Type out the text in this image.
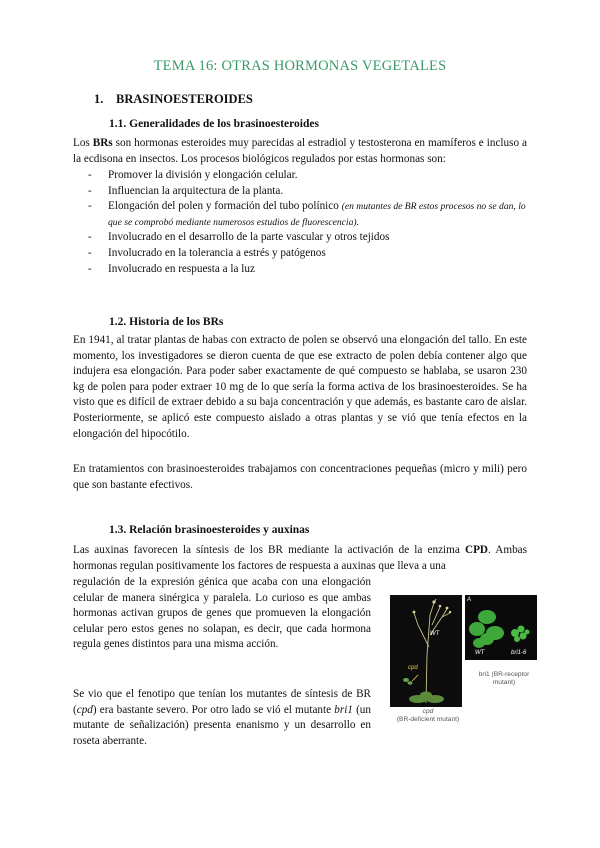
TEMA 16: OTRAS HORMONAS VEGETALES
1. BRASINOESTEROIDES
1.1. Generalidades de los brasinoesteroides

Los BRs son hormonas esteroides muy parecidas al estradiol y testosterona en mamíferos e incluso a la ecdisona en insectos. Los procesos biológicos regulados por estas hormonas son:

- Promover la división y elongación celular.
- Influencian la arquitectura de la planta.
- Elongación del polen y formación del tubo polínico (en mutantes de BR estos procesos no se dan, lo que se comprobó mediante numerosos estudios de fluorescencia).
- Involucrado en el desarrollo de la parte vascular y otros tejidos
- Involucrado en la tolerancia a estrés y patógenos
- Involucrado en respuesta a la luz
1.2. Historia de los BRs

En 1941, al tratar plantas de habas con extracto de polen se observó una elongación del tallo. En este momento, los investigadores se dieron cuenta de que ese extracto de polen debía contener algo que indujera esa elongación. Para poder saber exactamente de qué compuesto se hablaba, se usaron 230 kg de polen para poder extraer 10 mg de lo que sería la forma activa de los brasinoesteroides. Se ha visto que es difícil de extraer debido a su baja concentración y que además, es bastante caro de aislar. Posteriormente, se aplicó este compuesto aislado a otras plantas y se vió que tenía efectos en la elongación del hipocótilo.

En tratamientos con brasinoesteroides trabajamos con concentraciones pequeñas (micro y mili) pero que son bastante efectivos.

1.3. Relación brasinoesteroides y auxinas

Las auxinas favorecen la síntesis de los BR mediante la activación de la enzima CPD. Ambas hormonas regulan positivamente los factores de respuesta a auxinas que lleva a una

regulación de la expresión génica que acaba con una elongación celular de manera sinérgica y paralela. Lo curioso es que ambas hormonas activan grupos de genes que promueven la elongación celular pero estos genes no solapan, es decir, que cada hormona regula genes distintos para una misma acción.

Se vio que el fenotipo que tenían los mutantes de síntesis de BR (cpd) era bastante severo. Por otro lado se vió el mutante bri1 (un mutante de señalización) presenta enanismo y un desarrollo en roseta aberrante.

WT
cpd
A
WT	bri1-6
cpd
(BR-deficient mutant)
bri1 (BR-receptor
mutant)
